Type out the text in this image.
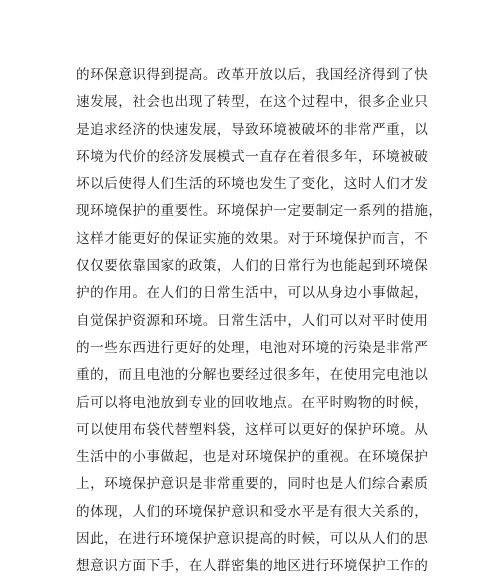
的环保意识得到提高。改革开放以后，我国经济得到了快
速发展，社会也出现了转型，在这个过程中，很多企业只
是追求经济的快速发展，导致环境被破坏的非常严重，以
环境为代价的经济发展模式一直存在着很多年，环境被破
坏以后使得人们生活的环境也发生了变化，这时人们才发
现环境保护的重要性。环境保护一定要制定一系列的措施，
这样才能更好的保证实施的效果。对于环境保护而言，不
仅仅要依靠国家的政策，人们的日常行为也能起到环境保
护的作用。在人们的日常生活中，可以从身边小事做起，
自觉保护资源和环境。日常生活中，人们可以对平时使用
的一些东西进行更好的处理，电池对环境的污染是非常严
重的，而且电池的分解也要经过很多年，在使用完电池以
后可以将电池放到专业的回收地点。在平时购物的时候，
可以使用布袋代替塑料袋，这样可以更好的保护环境。从
生活中的小事做起，也是对环境保护的重视。在环境保护
上，环境保护意识是非常重要的，同时也是人们综合素质
的体现，人们的环境保护意识和受水平是有很大关系的，
因此，在进行环境保护意识提高的时候，可以从人们的思
想意识方面下手，在人群密集的地区进行环境保护工作的
